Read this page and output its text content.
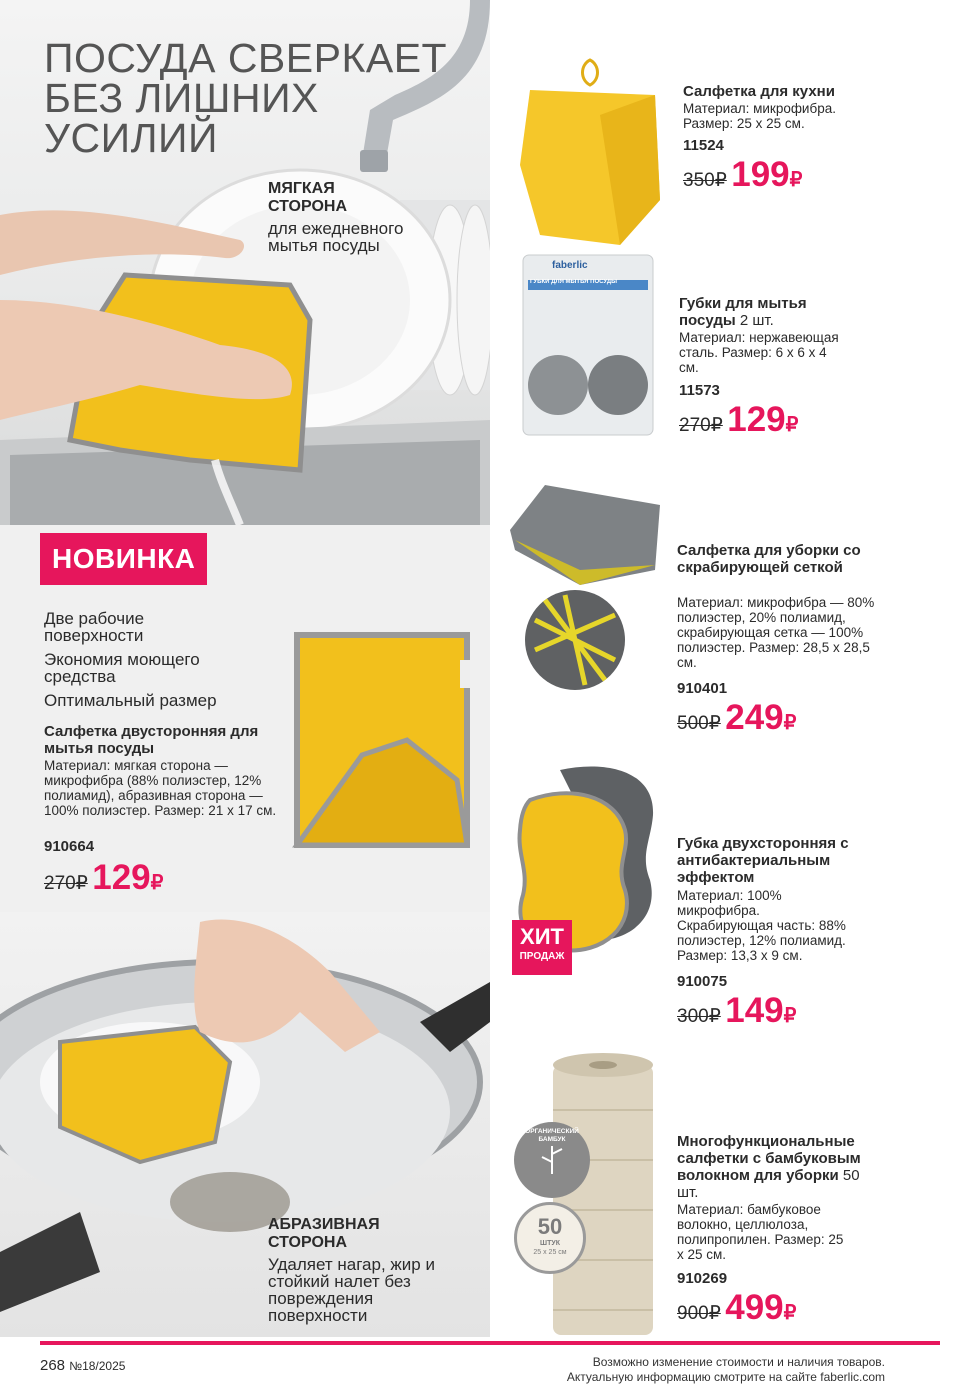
ПОСУДА СВЕРКАЕТ БЕЗ ЛИШНИХ УСИЛИЙ
МЯГКАЯ СТОРОНА
для ежедневного мытья посуды
НОВИНКА
Две рабочие поверхности
Экономия моющего средства
Оптимальный размер
Салфетка двусторонняя для мытья посуды
Материал: мягкая сторона — микрофибра (88% полиэстер, 12% полиамид), абразивная сторона — 100% полиэстер. Размер: 21 х 17 см.
910664
270₽ 129₽
АБРАЗИВНАЯ СТОРОНА
Удаляет нагар, жир и стойкий налет без повреждения поверхности
Салфетка для кухни
Материал: микрофибра. Размер: 25 х 25 см.
11524
350₽ 199₽
faberlic
ГУБКИ ДЛЯ МЫТЬЯ ПОСУДЫ
Губки для мытья посуды 2 шт.
Материал: нержавеющая сталь. Размер: 6 х 6 х 4 см.
11573
270₽ 129₽
Салфетка для уборки со скрабирующей сеткой
Материал: микрофибра — 80% полиэстер, 20% полиамид, скрабирующая сетка — 100% полиэстер. Размер: 28,5 х 28,5 см.
910401
500₽ 249₽
ХИТ
ПРОДАЖ
Губка двухсторонняя с антибактериальным эффектом
Материал: 100% микрофибра. Скрабирующая часть: 88% полиэстер, 12% полиамид. Размер: 13,3 х 9 см.
910075
300₽ 149₽
ОРГАНИЧЕСКИЙ БАМБУК
50
ШТУК
25 х 25 см
Многофункциональные салфетки с бамбуковым волокном для уборки 50 шт.
Материал: бамбуковое волокно, целлюлоза, полипропилен. Размер: 25 х 25 см.
910269
900₽ 499₽
268 №18/2025	Возможно изменение стоимости и наличия товаров.
Актуальную информацию смотрите на сайте faberlic.com
